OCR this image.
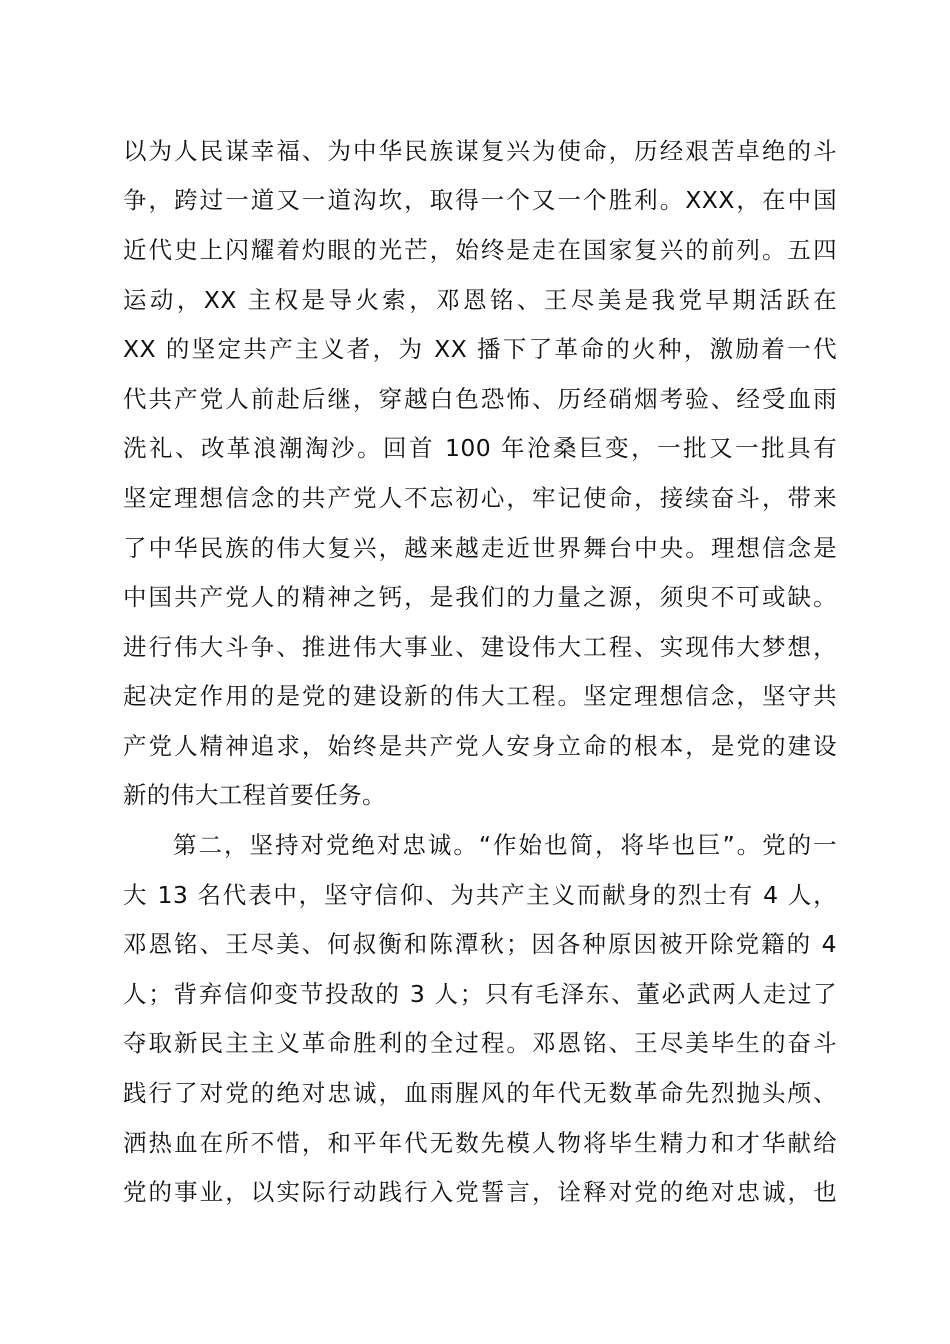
以为人民谋幸福、为中华民族谋复兴为使命，历经艰苦卓绝的斗
争，跨过一道又一道沟坎，取得一个又一个胜利。XXX，在中国
近代史上闪耀着灼眼的光芒，始终是走在国家复兴的前列。五四
运动，XX 主权是导火索，邓恩铭、王尽美是我党早期活跃在
XX 的坚定共产主义者，为 XX 播下了革命的火种，激励着一代
代共产党人前赴后继，穿越白色恐怖、历经硝烟考验、经受血雨
洗礼、改革浪潮淘沙。回首 100 年沧桑巨变，一批又一批具有
坚定理想信念的共产党人不忘初心，牢记使命，接续奋斗，带来
了中华民族的伟大复兴，越来越走近世界舞台中央。理想信念是
中国共产党人的精神之钙，是我们的力量之源，须臾不可或缺。
进行伟大斗争、推进伟大事业、建设伟大工程、实现伟大梦想，
起决定作用的是党的建设新的伟大工程。坚定理想信念，坚守共
产党人精神追求，始终是共产党人安身立命的根本，是党的建设
新的伟大工程首要任务。
第二，坚持对党绝对忠诚。“作始也简，将毕也巨”。党的一
大 13 名代表中，坚守信仰、为共产主义而献身的烈士有 4 人，
邓恩铭、王尽美、何叔衡和陈潭秋；因各种原因被开除党籍的 4
人；背弃信仰变节投敌的 3 人；只有毛泽东、董必武两人走过了
夺取新民主主义革命胜利的全过程。邓恩铭、王尽美毕生的奋斗
践行了对党的绝对忠诚，血雨腥风的年代无数革命先烈抛头颅、
洒热血在所不惜，和平年代无数先模人物将毕生精力和才华献给
党的事业，以实际行动践行入党誓言，诠释对党的绝对忠诚，也
